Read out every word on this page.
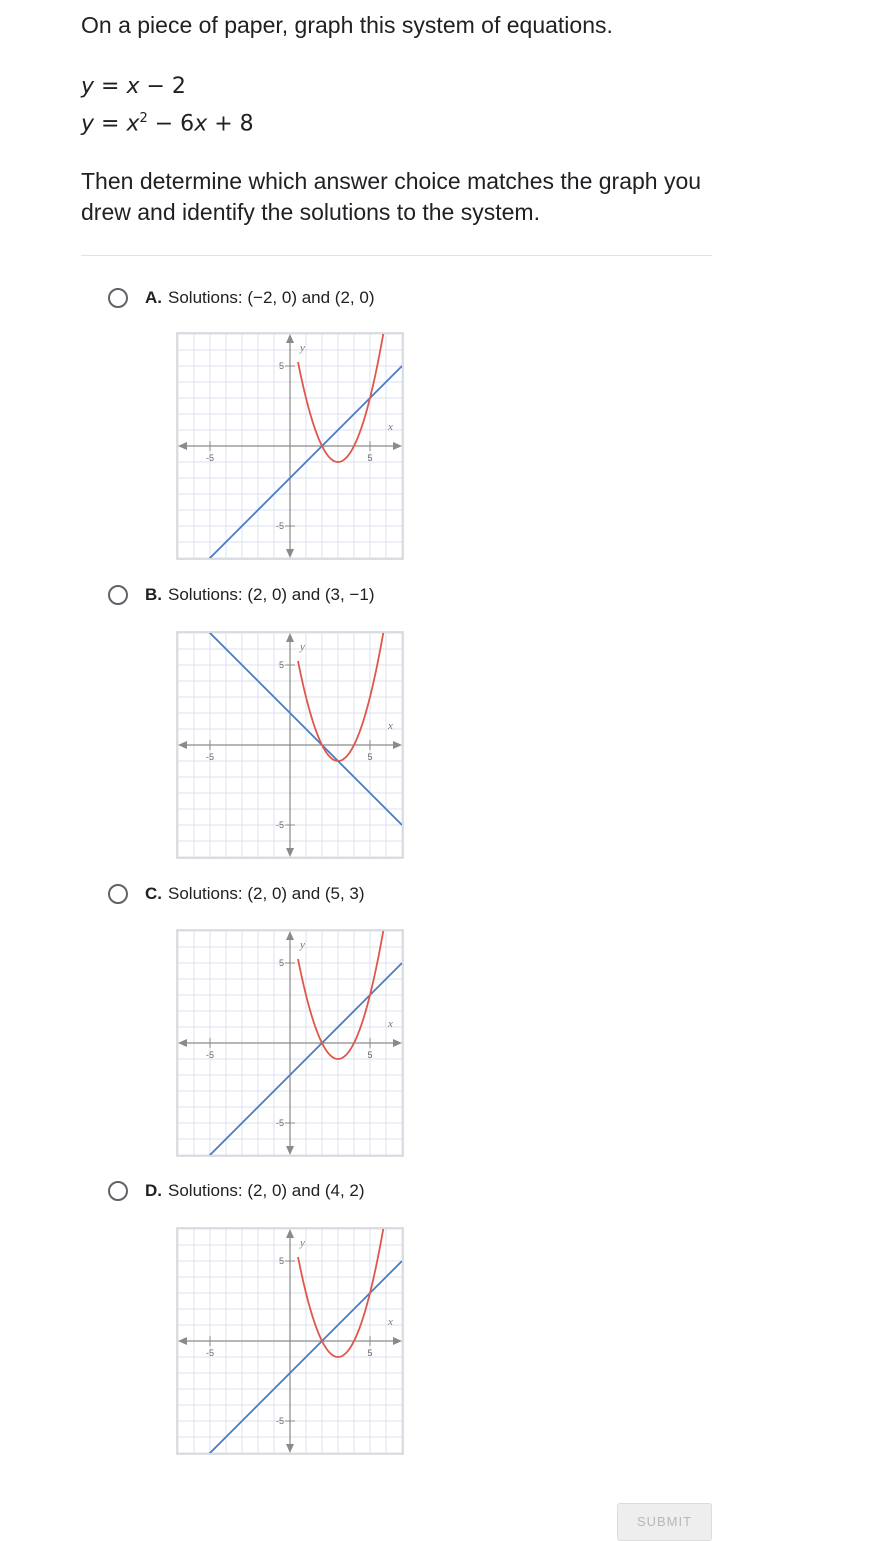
On a piece of paper, graph this system of equations.

y = x − 2
$y = x^2 - 6x + 8$
Then determine which answer choice matches the graph you drew and identify the solutions to the system.
A. Solutions: (−2, 0) and (2, 0)
-5	5
5
-5
x
y
B. Solutions: (2, 0) and (3, −1)
-5	5
5
-5
x
y
C. Solutions: (2, 0) and (5, 3)
-5	5
5
-5
x
y
D. Solutions: (2, 0) and (4, 2)
-5	5
5
-5
x
y
SUBMIT
